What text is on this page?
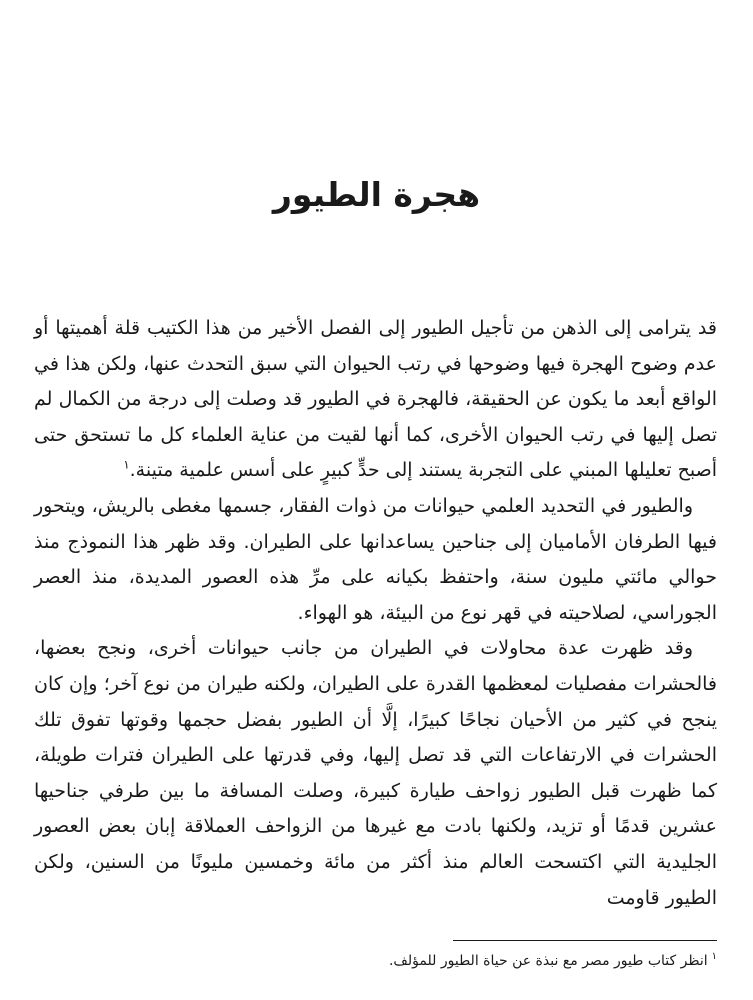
هجرة الطيور

قد يترامى إلى الذهن من تأجيل الطيور إلى الفصل الأخير من هذا الكتيب قلة أهميتها أو عدم وضوح الهجرة فيها وضوحها في رتب الحيوان التي سبق التحدث عنها، ولكن هذا في الواقع أبعد ما يكون عن الحقيقة، فالهجرة في الطيور قد وصلت إلى درجة من الكمال لم تصل إليها في رتب الحيوان الأخرى، كما أنها لقيت من عناية العلماء كل ما تستحق حتى أصبح تعليلها المبني على التجربة يستند إلى حدٍّ كبيرٍ على أسس علمية متينة.$^١$

والطيور في التحديد العلمي حيوانات من ذوات الفقار، جسمها مغطى بالريش، ويتحور فيها الطرفان الأماميان إلى جناحين يساعدانها على الطيران. وقد ظهر هذا النموذج منذ حوالي مائتي مليون سنة، واحتفظ بكيانه على مرِّ هذه العصور المديدة، منذ العصر الجوراسي، لصلاحيته في قهر نوع من البيئة، هو الهواء.

وقد ظهرت عدة محاولات في الطيران من جانب حيوانات أخرى، ونجح بعضها، فالحشرات مفصليات لمعظمها القدرة على الطيران، ولكنه طيران من نوع آخر؛ وإن كان ينجح في كثير من الأحيان نجاحًا كبيرًا، إلَّا أن الطيور بفضل حجمها وقوتها تفوق تلك الحشرات في الارتفاعات التي قد تصل إليها، وفي قدرتها على الطيران فترات طويلة، كما ظهرت قبل الطيور زواحف طيارة كبيرة، وصلت المسافة ما بين طرفي جناحيها عشرين قدمًا أو تزيد، ولكنها بادت مع غيرها من الزواحف العملاقة إبان بعض العصور الجليدية التي اكتسحت العالم منذ أكثر من مائة وخمسين مليونًا من السنين، ولكن الطيور قاومت

$^١$انظر كتاب طيور مصر مع نبذة عن حياة الطيور للمؤلف.
